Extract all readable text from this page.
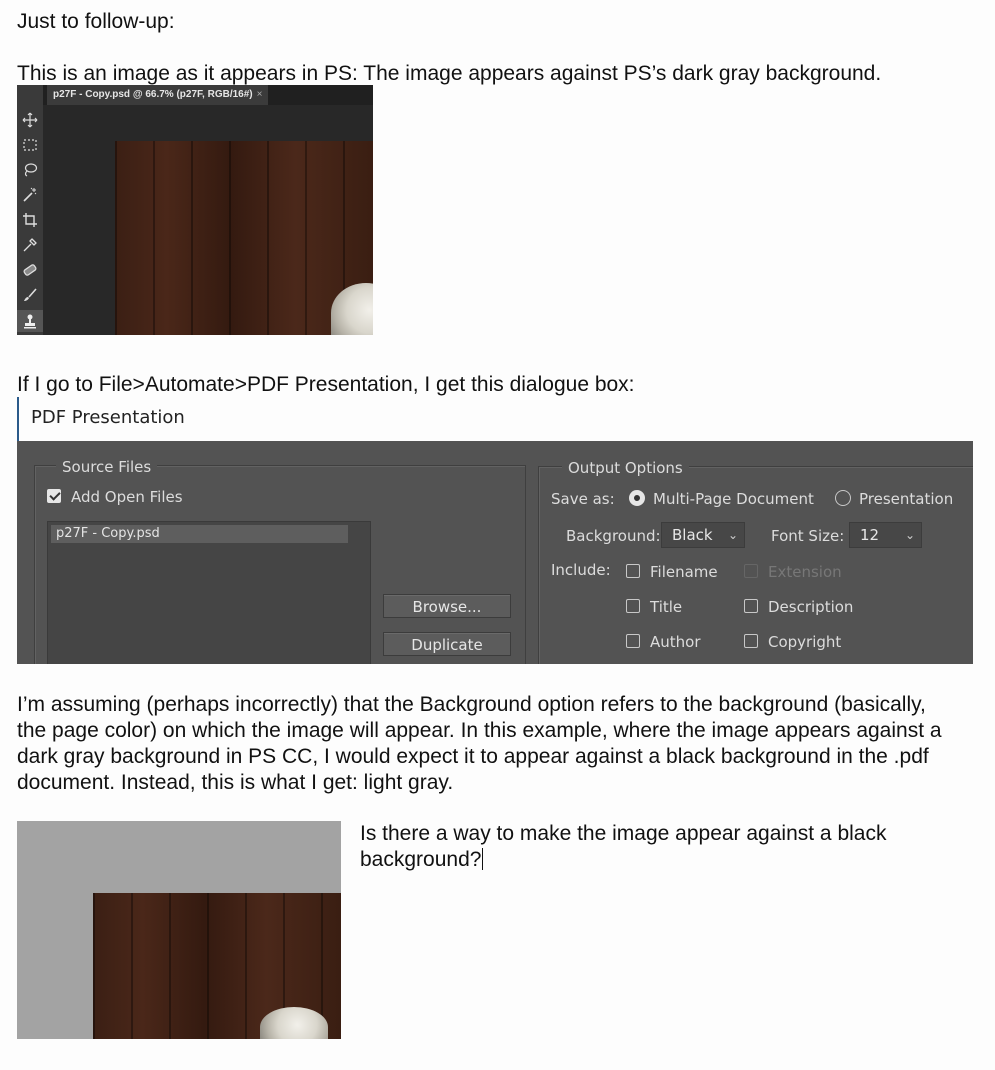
Just to follow-up:
This is an image as it appears in PS: The image appears against PS’s dark gray background.
p27F - Copy.psd @ 66.7% (p27F, RGB/16#) ×
If I go to File>Automate>PDF Presentation, I get this dialogue box:
PDF Presentation
Source Files
Add Open Files
p27F - Copy.psd
Browse...
Duplicate
Output Options
Save as:	Multi-Page Document	Presentation
Background: Black ⌄ Font Size:	12 ⌄
Include:	Filename	Extension
Title	Description
Author	Copyright
I’m assuming (perhaps incorrectly) that the Background option refers to the background (basically, the page color) on which the image will appear. In this example, where the image appears against a dark gray background in PS CC, I would expect it to appear against a black background in the .pdf document. Instead, this is what I get: light gray.
Is there a way to make the image appear against a black background?
